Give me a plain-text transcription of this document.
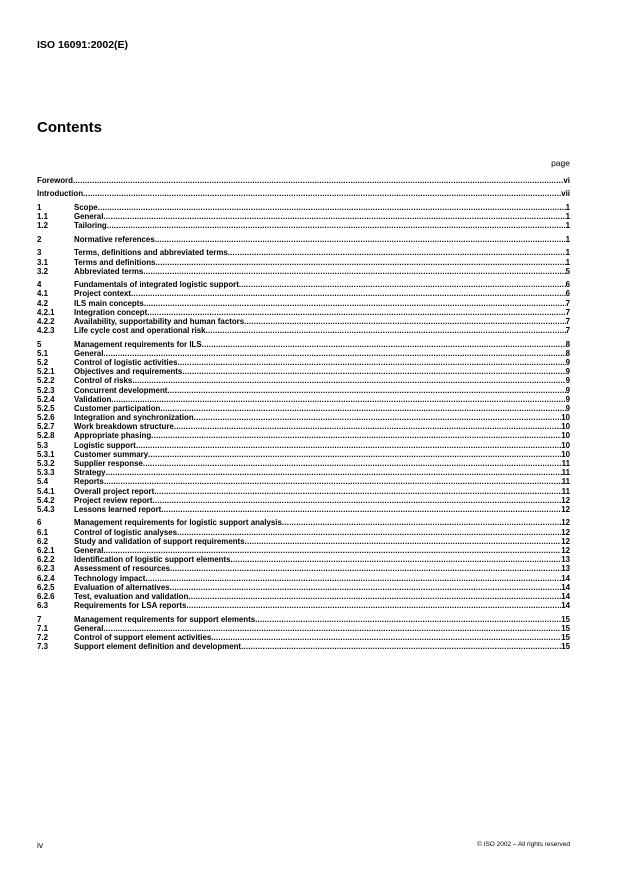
ISO 16091:2002(E)
Contents
page
Foreword .....	vi
Introduction .....	vii
1	Scope .....	1
1.1	General .....	1
1.2	Tailoring .....	1
2	Normative references .....	1
3	Terms, definitions and abbreviated terms .....	1
3.1	Terms and definitions .....	1
3.2	Abbreviated terms .....	5
4	Fundamentals of integrated logistic support .....	6
4.1	Project context .....	6
4.2	ILS main concepts .....	7
4.2.1 Integration concept .....	7
4.2.2 Availability, supportability and human factors .....	7
4.2.3 Life cycle cost and operational risk .....	7
5	Management requirements for ILS .....	8
5.1	General .....	8
5.2	Control of logistic activities .....	9
5.2.1 Objectives and requirements .....	9
5.2.2 Control of risks .....	9
5.2.3 Concurrent development .....	9
5.2.4 Validation .....	9
5.2.5 Customer participation .....	9
5.2.6 Integration and synchronization .....	10
5.2.7 Work breakdown structure .....	10
5.2.8 Appropriate phasing .....	10
5.3	Logistic support .....	10
5.3.1 Customer summary .....	10
5.3.2 Supplier response .....	11
5.3.3 Strategy .....	11
5.4	Reports .....	11
5.4.1 Overall project report .....	11
5.4.2 Project review report .....	12
5.4.3 Lessons learned report .....	12
6	Management requirements for logistic support analysis .....	12
6.1	Control of logistic analyses .....	12
6.2	Study and validation of support requirements .....	12
6.2.1 General .....	12
6.2.2 Identification of logistic support elements .....	13
6.2.3 Assessment of resources .....	13
6.2.4 Technology impact .....	14
6.2.5 Evaluation of alternatives .....	14
6.2.6 Test, evaluation and validation .....	14
6.3	Requirements for LSA reports .....	14
7	Management requirements for support elements .....	15
7.1	General .....	15
7.2	Control of support element activities .....	15
7.3	Support element definition and development .....	15
iv	© ISO 2002 – All rights reserved
